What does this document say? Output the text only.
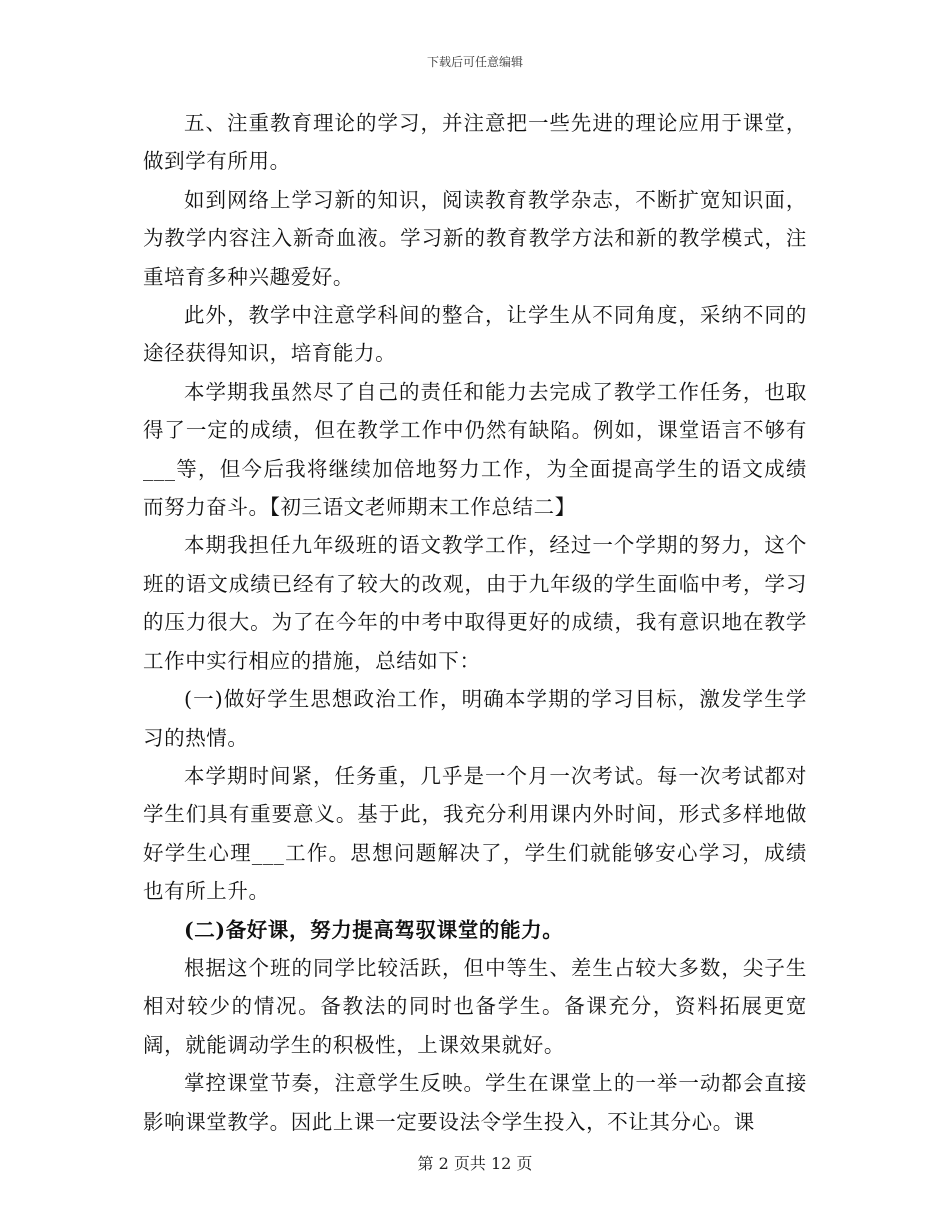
下载后可任意编辑

五、注重教育理论的学习，并注意把一些先进的理论应用于课堂，做到学有所用。

如到网络上学习新的知识，阅读教育教学杂志，不断扩宽知识面，为教学内容注入新奇血液。学习新的教育教学方法和新的教学模式，注重培育多种兴趣爱好。

此外，教学中注意学科间的整合，让学生从不同角度，采纳不同的途径获得知识，培育能力。

本学期我虽然尽了自己的责任和能力去完成了教学工作任务，也取得了一定的成绩，但在教学工作中仍然有缺陷。例如，课堂语言不够有___等，但今后我将继续加倍地努力工作，为全面提高学生的语文成绩而努力奋斗。【初三语文老师期末工作总结二】

本期我担任九年级班的语文教学工作，经过一个学期的努力，这个班的语文成绩已经有了较大的改观，由于九年级的学生面临中考，学习的压力很大。为了在今年的中考中取得更好的成绩，我有意识地在教学工作中实行相应的措施，总结如下：

(一)做好学生思想政治工作，明确本学期的学习目标，激发学生学习的热情。

本学期时间紧，任务重，几乎是一个月一次考试。每一次考试都对学生们具有重要意义。基于此，我充分利用课内外时间，形式多样地做好学生心理___工作。思想问题解决了，学生们就能够安心学习，成绩也有所上升。

(二)备好课，努力提高驾驭课堂的能力。

根据这个班的同学比较活跃，但中等生、差生占较大多数，尖子生相对较少的情况。备教法的同时也备学生。备课充分，资料拓展更宽阔，就能调动学生的积极性，上课效果就好。

掌控课堂节奏，注意学生反映。学生在课堂上的一举一动都会直接影响课堂教学。因此上课一定要设法令学生投入，不让其分心。课

第 2 页共 12 页
